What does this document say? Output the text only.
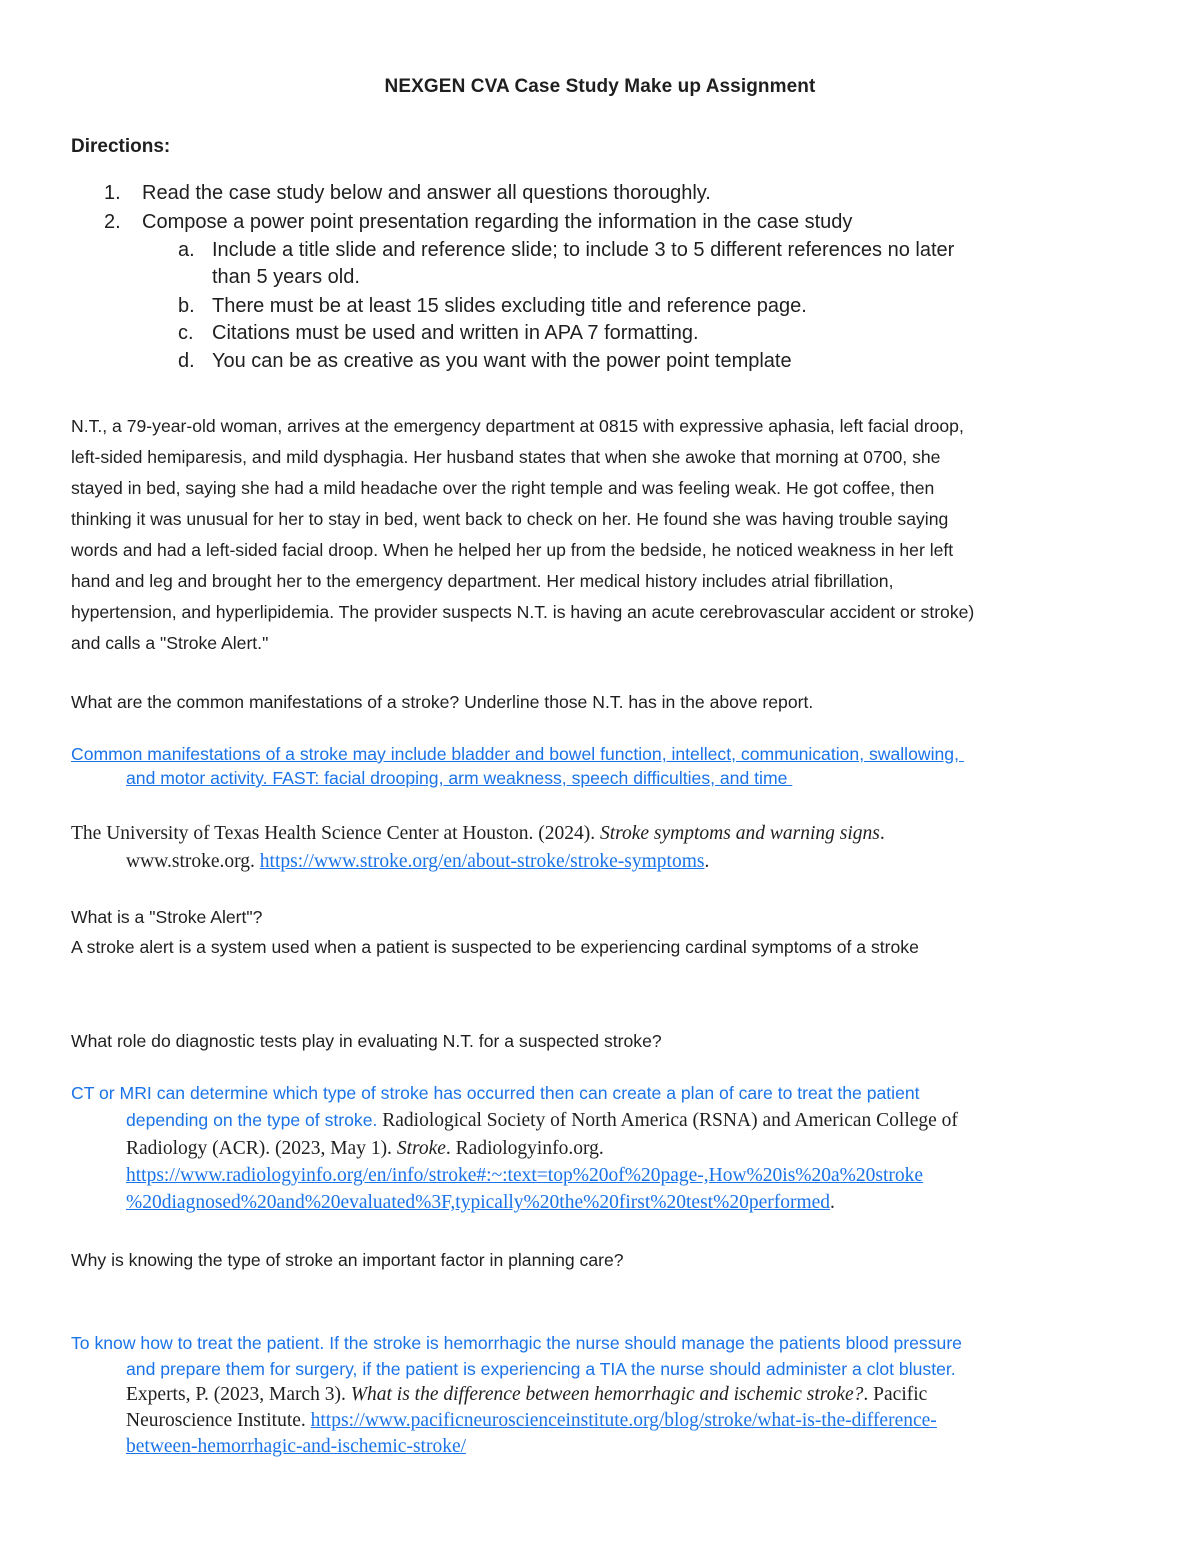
NEXGEN CVA Case Study Make up Assignment
Directions:
1. Read the case study below and answer all questions thoroughly.
2. Compose a power point presentation regarding the information in the case study
a. Include a title slide and reference slide; to include 3 to 5 different references no later
than 5 years old.
b. There must be at least 15 slides excluding title and reference page.
c. Citations must be used and written in APA 7 formatting.
d. You can be as creative as you want with the power point template

N.T., a 79-year-old woman, arrives at the emergency department at 0815 with expressive aphasia, left facial droop,

left-sided hemiparesis, and mild dysphagia. Her husband states that when she awoke that morning at 0700, she

stayed in bed, saying she had a mild headache over the right temple and was feeling weak. He got coffee, then

thinking it was unusual for her to stay in bed, went back to check on her. He found she was having trouble saying

words and had a left-sided facial droop. When he helped her up from the bedside, he noticed weakness in her left

hand and leg and brought her to the emergency department. Her medical history includes atrial fibrillation,

hypertension, and hyperlipidemia. The provider suspects N.T. is having an acute cerebrovascular accident or stroke)

and calls a "Stroke Alert."

What are the common manifestations of a stroke? Underline those N.T. has in the above report.
Common manifestations of a stroke may include bladder and bowel function, intellect, communication, swallowing,
and motor activity. FAST: facial drooping, arm weakness, speech difficulties, and time
The University of Texas Health Science Center at Houston. (2024). Stroke symptoms and warning signs.
www.stroke.org. https://www.stroke.org/en/about-stroke/stroke-symptoms.
What is a "Stroke Alert"?
A stroke alert is a system used when a patient is suspected to be experiencing cardinal symptoms of a stroke
What role do diagnostic tests play in evaluating N.T. for a suspected stroke?
CT or MRI can determine which type of stroke has occurred then can create a plan of care to treat the patient
depending on the type of stroke. Radiological Society of North America (RSNA) and American College of
Radiology (ACR). (2023, May 1). Stroke. Radiologyinfo.org.
https://www.radiologyinfo.org/en/info/stroke#:~:text=top%20of%20page-,How%20is%20a%20stroke
%20diagnosed%20and%20evaluated%3F,typically%20the%20first%20test%20performed.
Why is knowing the type of stroke an important factor in planning care?
To know how to treat the patient. If the stroke is hemorrhagic the nurse should manage the patients blood pressure
and prepare them for surgery, if the patient is experiencing a TIA the nurse should administer a clot bluster.
Experts, P. (2023, March 3). What is the difference between hemorrhagic and ischemic stroke?. Pacific
Neuroscience Institute. https://www.pacificneuroscienceinstitute.org/blog/stroke/what-is-the-difference-
between-hemorrhagic-and-ischemic-stroke/
